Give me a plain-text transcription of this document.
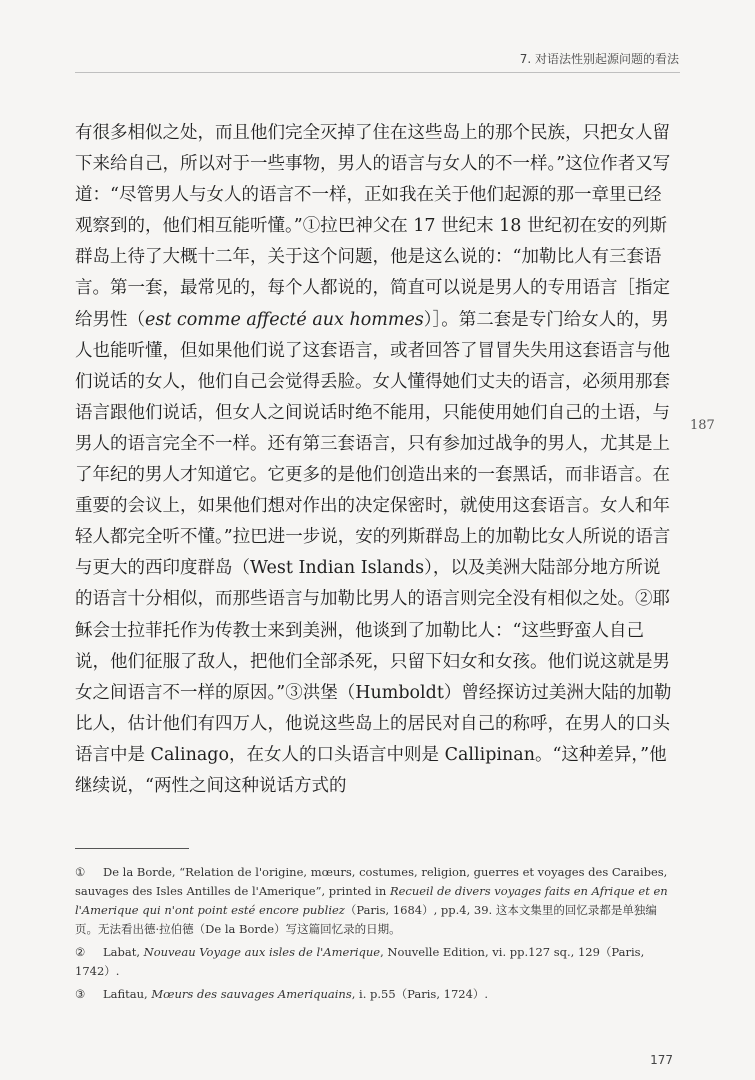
7. 对语法性别起源问题的看法
187

有很多相似之处，而且他们完全灭掉了住在这些岛上的那个民族，只把女人留下来给自己，所以对于一些事物，男人的语言与女人的不一样。”这位作者又写道：“尽管男人与女人的语言不一样，正如我在关于他们起源的那一章里已经观察到的，他们相互能听懂。”①拉巴神父在 17 世纪末 18 世纪初在安的列斯群岛上待了大概十二年，关于这个问题，他是这么说的：“加勒比人有三套语言。第一套，最常见的，每个人都说的，简直可以说是男人的专用语言［指定给男性（est comme affecté aux hommes）］。第二套是专门给女人的，男人也能听懂，但如果他们说了这套语言，或者回答了冒冒失失用这套语言与他们说话的女人，他们自己会觉得丢脸。女人懂得她们丈夫的语言，必须用那套语言跟他们说话，但女人之间说话时绝不能用，只能使用她们自己的土语，与男人的语言完全不一样。还有第三套语言，只有参加过战争的男人，尤其是上了年纪的男人才知道它。它更多的是他们创造出来的一套黑话，而非语言。在重要的会议上，如果他们想对作出的决定保密时，就使用这套语言。女人和年轻人都完全听不懂。”拉巴进一步说，安的列斯群岛上的加勒比女人所说的语言与更大的西印度群岛（West Indian Islands），以及美洲大陆部分地方所说的语言十分相似，而那些语言与加勒比男人的语言则完全没有相似之处。②耶稣会士拉菲托作为传教士来到美洲，他谈到了加勒比人：“这些野蛮人自己说，他们征服了敌人，把他们全部杀死，只留下妇女和女孩。他们说这就是男女之间语言不一样的原因。”③洪堡（Humboldt）曾经探访过美洲大陆的加勒比人，估计他们有四万人，他说这些岛上的居民对自己的称呼，在男人的口头语言中是 Calinago，在女人的口头语言中则是 Callipinan。“这种差异，”他继续说，“两性之间这种说话方式的

① De la Borde, “Relation de l'origine, mœurs, costumes, religion, guerres et voyages des Caraibes, sauvages des Isles Antilles de l'Amerique”, printed in Recueil de divers voyages faits en Afrique et en l'Amerique qui n'ont point esté encore publiez（Paris, 1684）, pp.4, 39. 这本文集里的回忆录都是单独编页。无法看出德·拉伯德（De la Borde）写这篇回忆录的日期。

② Labat, Nouveau Voyage aux isles de l'Amerique, Nouvelle Edition, vi. pp.127 sq., 129（Paris, 1742）.

③ Lafitau, Mœurs des sauvages Ameriquains, i. p.55（Paris, 1724）.

177
